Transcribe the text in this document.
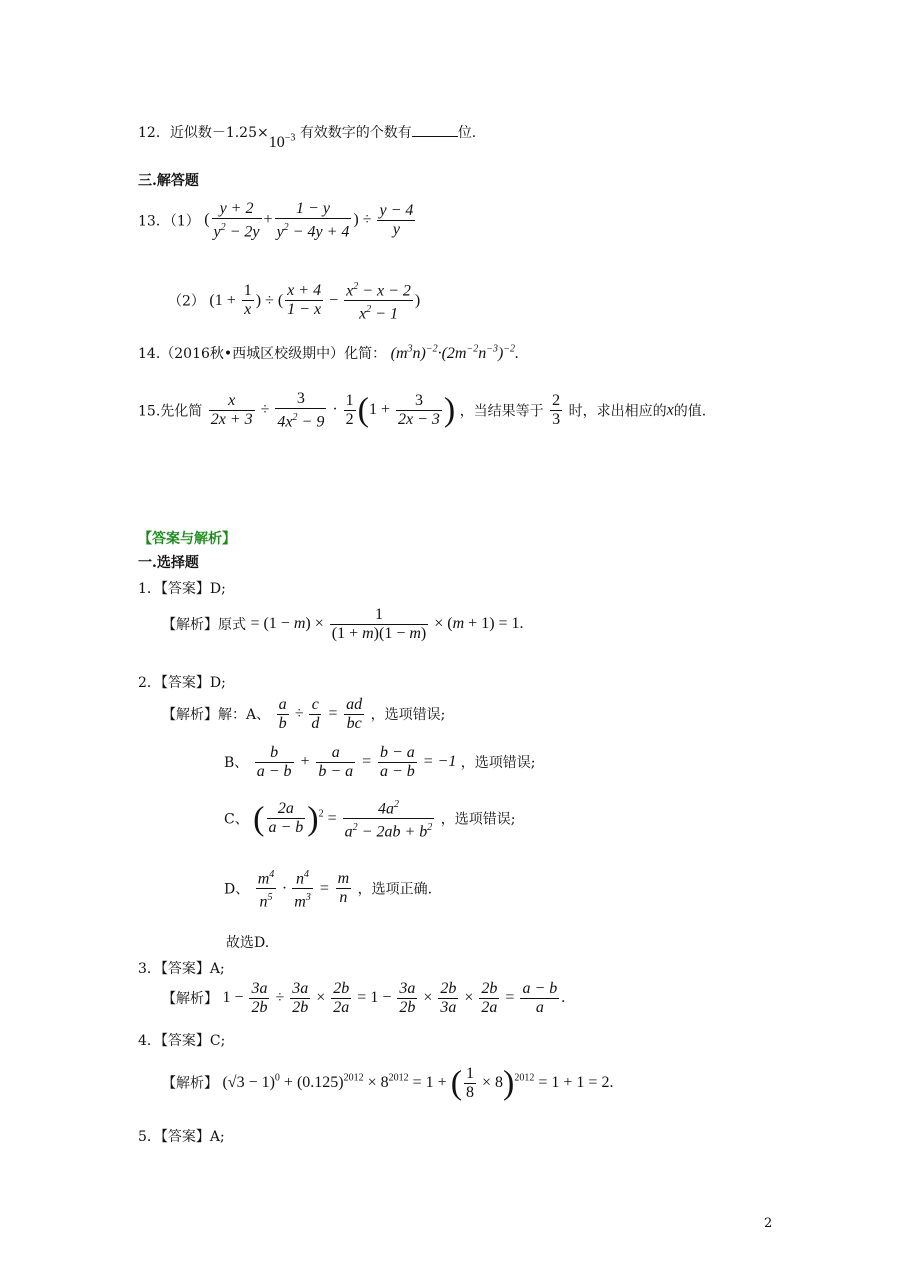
12．近似数$-1.25\times 10^{-3}$ 有效数字的个数有	位.
三.解答题
13．（1） ( $\frac{y + 2}{y^2 - 2y} + \frac{1 - y}{y^2 - 4y + 4}$ ) ÷ $\frac{y - 4}{y}$
（2） ($1 + \frac{1}{x}$ ) ÷ ( $\frac{x + 4}{1 - x} - \frac{x^2 - x - 2}{x^2 - 1}$ )
14.（2016秋•西城区校级期中）化简： $(m^3n)^{-2}\cdot(2m^{-2}n^{-3})^{-2}$.
15.先化简 $\frac{x}{2x + 3} \div \frac{3}{4x^2 - 9} \cdot \frac{1}{2} (1 + \frac{3}{2x - 3}$ ) ，当结果等于 $\frac{2}{3}$ 时，求出相应的x的值.
【答案与解析】
一.选择题
1．【答案】D;
【解析】原式 = $(1 - m) \times \frac{1}{(1 + m)(1 - m)} \times (m + 1) = 1$.
2．【答案】D;
【解析】解：A、 $\frac{a}{b} \div \frac{c}{d} = \frac{ad}{bc}$ ，选项错误;
B、 $\frac{b}{a - b} + \frac{a}{b - a} = \frac{b - a}{a - b} = -1$ ，选项错误;
C、 ( $\frac{2a}{a - b} )^2 = \frac{4a^2}{a^2 - 2ab + b^2}$ ，选项错误;
D、 $\frac{m^4}{n^5} \cdot \frac{n^4}{m^3} = \frac{m}{n}$ ，选项正确.
故选D.
3．【答案】A;
【解析】 $1 - \frac{3a}{2b} \div \frac{3a}{2b} \times \frac{2b}{2a} = 1 - \frac{3a}{2b} \times \frac{2b}{3a} \times \frac{2b}{2a} = \frac{a - b}{a}$ .
4．【答案】C;
【解析】 $(√3 - 1)^0 + (0.125)^{2012} \times 8^{2012} = 1$ + ( $\frac{1}{8} \times 8)^{2012} = 1 + 1 = 2$.
5．【答案】A;
2
